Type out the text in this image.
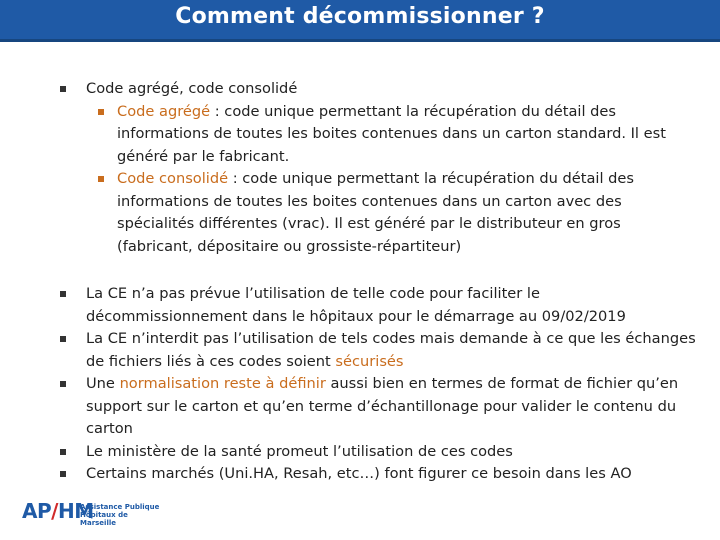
Comment décommissionner ?
Code agrégé, code consolidé
Code agrégé : code unique permettant la récupération du détail des informations de toutes les boites contenues dans un carton standard. Il est généré par le fabricant.
Code consolidé : code unique permettant la récupération du détail des informations de toutes les boites contenues dans un carton avec des spécialités différentes (vrac). Il est généré par le distributeur en gros (fabricant, dépositaire ou grossiste-répartiteur)
La CE n’a pas prévue l’utilisation de telle code pour faciliter le décommissionnement dans le hôpitaux pour le démarrage au 09/02/2019
La CE n’interdit pas l’utilisation de tels codes mais demande à ce que les échanges de fichiers liés à ces codes soient sécurisés
Une normalisation reste à définir aussi bien en termes de format de fichier qu’en support sur le carton et qu’en terme d’échantillonage pour valider le contenu du carton
Le ministère de la santé promeut l’utilisation de ces codes
Certains marchés (Uni.HA, Resah, etc…) font figurer ce besoin dans les AO
AP/HM
Assistance Publique
Hôpitaux de Marseille
